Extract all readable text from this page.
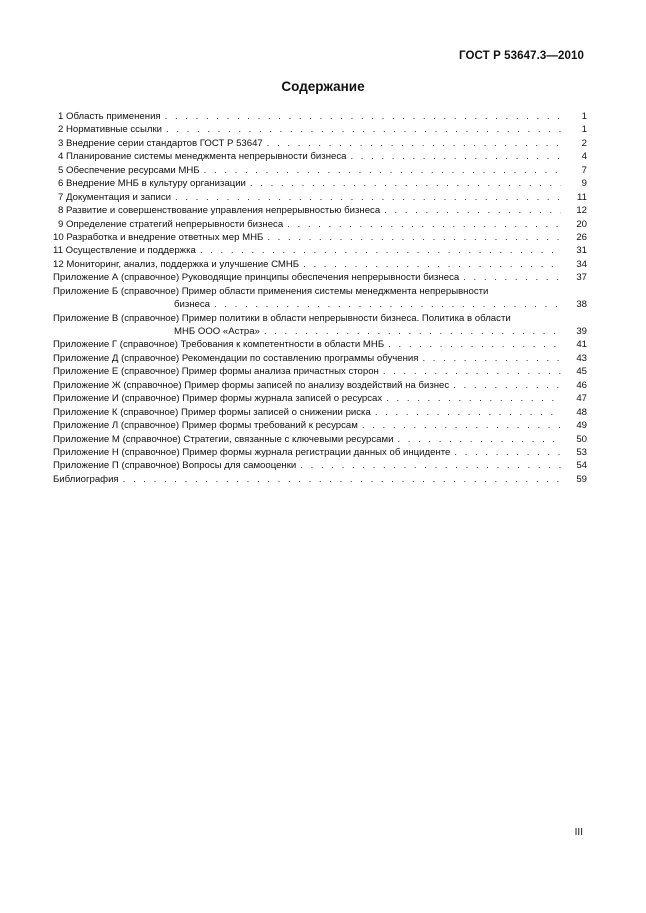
ГОСТ Р 53647.3—2010
Содержание
1 Область применения . . .	1
2 Нормативные ссылки . . .	1
3 Внедрение серии стандартов ГОСТ Р 53647 . . .	2
4 Планирование системы менеджмента непрерывности бизнеса . . .	4
5 Обеспечение ресурсами МНБ . . .	7
6 Внедрение МНБ в культуру организации . . .	9
7 Документация и записи . . .	11
8 Развитие и совершенствование управления непрерывностью бизнеса . . .	12
9 Определение стратегий непрерывности бизнеса . . .	20
10 Разработка и внедрение ответных мер МНБ . . .	26
11 Осуществление и поддержка . . .	31
12 Мониторинг, анализ, поддержка и улучшение СМНБ . . .	34
Приложение А (справочное) Руководящие принципы обеспечения непрерывности бизнеса . . .	37
Приложение Б (справочное) Пример области применения системы менеджмента непрерывности
бизнеса . . .	38
Приложение В (справочное) Пример политики в области непрерывности бизнеса. Политика в области
МНБ ООО «Астра» . . .	39
Приложение Г (справочное) Требования к компетентности в области МНБ . . .	41
Приложение Д (справочное) Рекомендации по составлению программы обучения . . .	43
Приложение Е (справочное) Пример формы анализа причастных сторон . . .	45
Приложение Ж (справочное) Пример формы записей по анализу воздействий на бизнес . . .	46
Приложение И (справочное) Пример формы журнала записей о ресурсах . . .	47
Приложение К (справочное) Пример формы записей о снижении риска . . .	48
Приложение Л (справочное) Пример формы требований к ресурсам . . .	49
Приложение М (справочное) Стратегии, связанные с ключевыми ресурсами . . .	50
Приложение Н (справочное) Пример формы журнала регистрации данных об инциденте . . .	53
Приложение П (справочное) Вопросы для самооценки . . .	54
Библиография . . .	59
III
